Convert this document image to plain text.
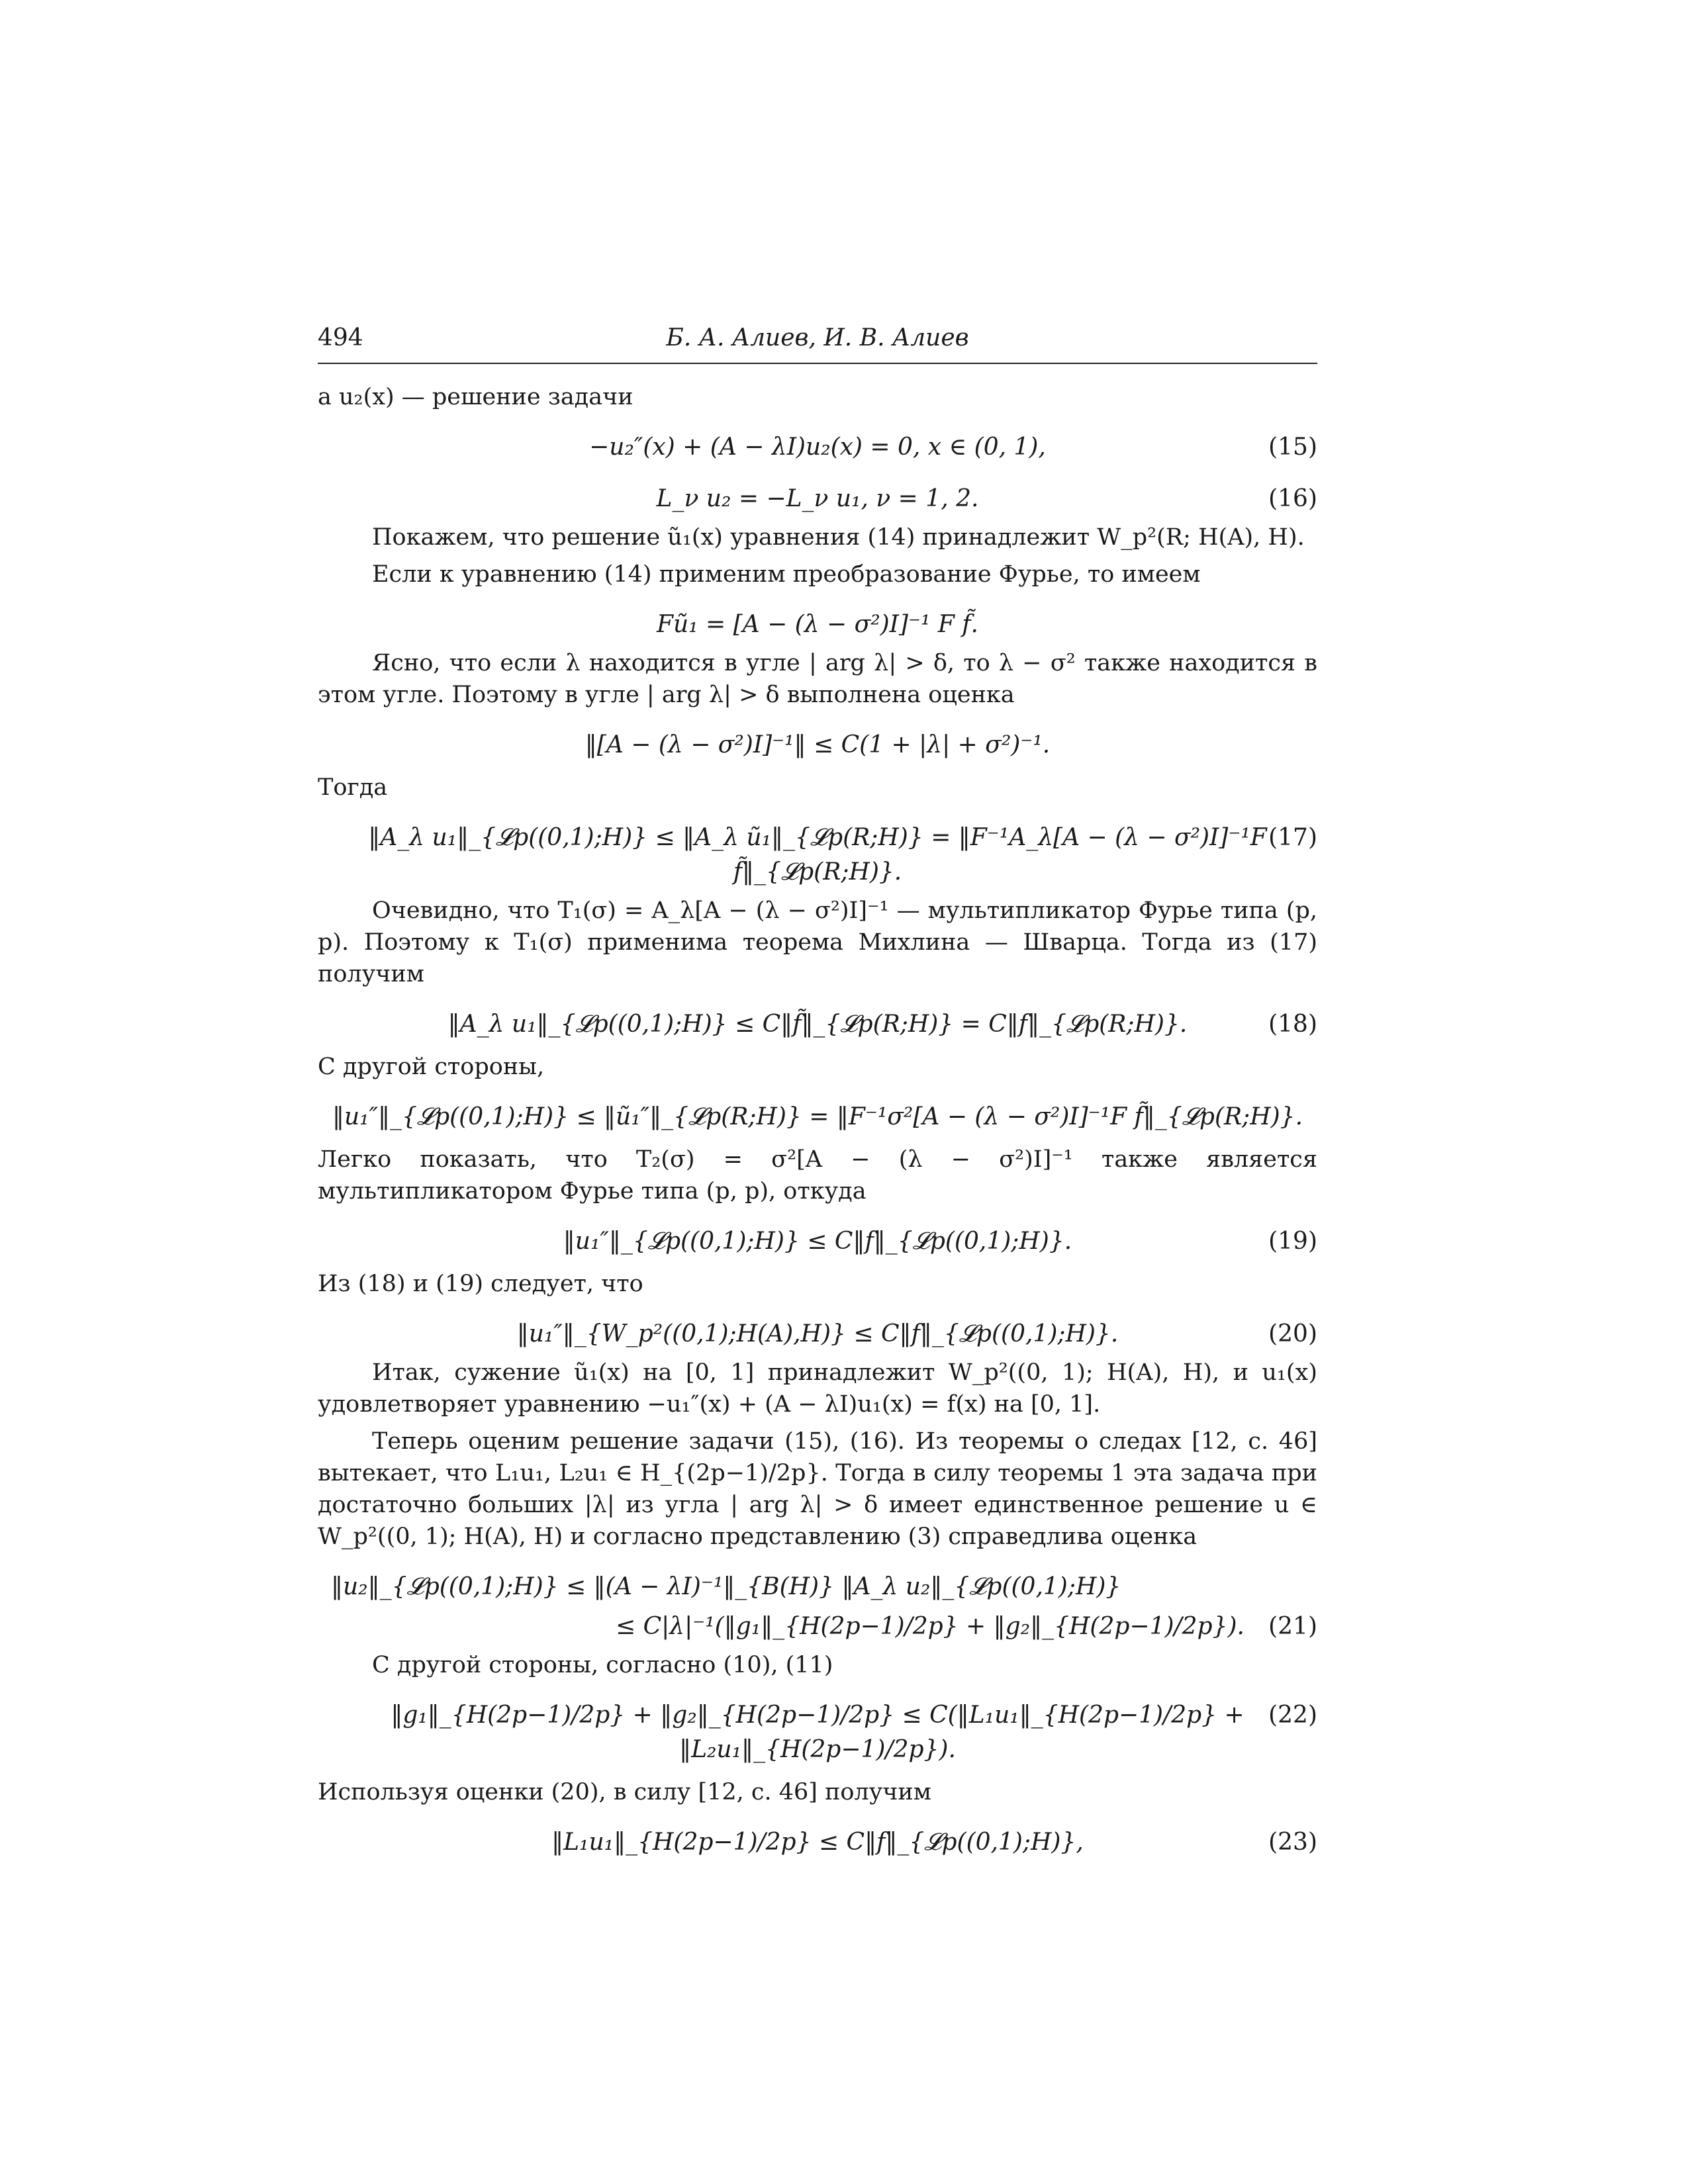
494	Б. А. Алиев, И. В. Алиев

а u₂(x) — решение задачи

−u₂″(x) + (A − λI)u₂(x) = 0, x ∈ (0, 1),	(15)
L_ν u₂ = −L_ν u₁, ν = 1, 2.	(16)

Покажем, что решение ũ₁(x) уравнения (14) принадлежит W_p²(R; H(A), H).

Если к уравнению (14) применим преобразование Фурье, то имеем

Fũ₁ = [A − (λ − σ²)I]⁻¹ F f̃.

Ясно, что если λ находится в угле | arg λ| > δ, то λ − σ² также находится в этом угле. Поэтому в угле | arg λ| > δ выполнена оценка

‖[A − (λ − σ²)I]⁻¹‖ ≤ C(1 + |λ| + σ²)⁻¹.

Тогда

‖A_λ u₁‖_{𝓛p((0,1);H)} ≤ ‖A_λ ũ₁‖_{𝓛p(R;H)} = ‖F⁻¹A_λ[A − (λ − σ²)I]⁻¹F f̃‖_{𝓛p(R;H)}.
(17)

Очевидно, что T₁(σ) = A_λ[A − (λ − σ²)I]⁻¹ — мультипликатор Фурье типа (p, p). Поэтому к T₁(σ) применима теорема Михлина — Шварца. Тогда из (17) получим

‖A_λ u₁‖_{𝓛p((0,1);H)} ≤ C‖f̃‖_{𝓛p(R;H)} = C‖f‖_{𝓛p(R;H)}.	(18)

С другой стороны,

‖u₁″‖_{𝓛p((0,1);H)} ≤ ‖ũ₁″‖_{𝓛p(R;H)} = ‖F⁻¹σ²[A − (λ − σ²)I]⁻¹F f̃‖_{𝓛p(R;H)}.

Легко показать, что T₂(σ) = σ²[A − (λ − σ²)I]⁻¹ также является мультипликатором Фурье типа (p, p), откуда

‖u₁″‖_{𝓛p((0,1);H)} ≤ C‖f‖_{𝓛p((0,1);H)}.	(19)

Из (18) и (19) следует, что

‖u₁″‖_{W_p²((0,1);H(A),H)} ≤ C‖f‖_{𝓛p((0,1);H)}.	(20)

Итак, сужение ũ₁(x) на [0, 1] принадлежит W_p²((0, 1); H(A), H), и u₁(x) удовлетворяет уравнению −u₁″(x) + (A − λI)u₁(x) = f(x) на [0, 1].

Теперь оценим решение задачи (15), (16). Из теоремы о следах [12, с. 46] вытекает, что L₁u₁, L₂u₁ ∈ H_{(2p−1)/2p}. Тогда в силу теоремы 1 эта задача при достаточно больших |λ| из угла | arg λ| > δ имеет единственное решение u ∈ W_p²((0, 1); H(A), H) и согласно представлению (3) справедлива оценка

‖u₂‖_{𝓛p((0,1);H)} ≤ ‖(A − λI)⁻¹‖_{B(H)} ‖A_λ u₂‖_{𝓛p((0,1);H)}
≤ C|λ|⁻¹(‖g₁‖_{H(2p−1)/2p} + ‖g₂‖_{H(2p−1)/2p}). (21)

С другой стороны, согласно (10), (11)

‖g₁‖_{H(2p−1)/2p} + ‖g₂‖_{H(2p−1)/2p} ≤ C(‖L₁u₁‖_{H(2p−1)/2p} + ‖L₂u₁‖_{H(2p−1)/2p}).
(22)

Используя оценки (20), в силу [12, с. 46] получим

‖L₁u₁‖_{H(2p−1)/2p} ≤ C‖f‖_{𝓛p((0,1);H)},	(23)
